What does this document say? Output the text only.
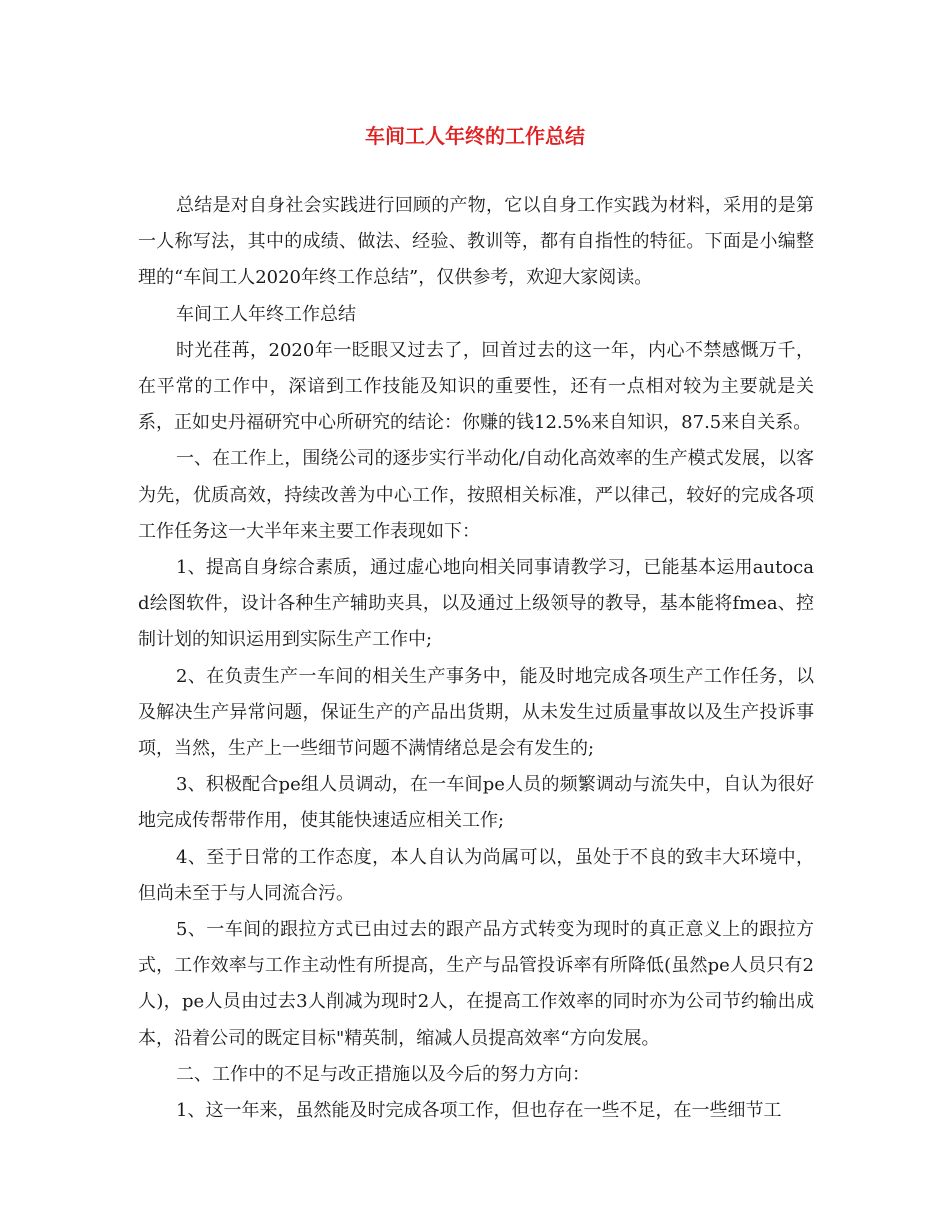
车间工人年终的工作总结

总结是对自身社会实践进行回顾的产物，它以自身工作实践为材料，采用的是第一人称写法，其中的成绩、做法、经验、教训等，都有自指性的特征。下面是小编整理的“车间工人2020年终工作总结”，仅供参考，欢迎大家阅读。

车间工人年终工作总结

时光荏苒，2020年一眨眼又过去了，回首过去的这一年，内心不禁感慨万千，在平常的工作中，深谙到工作技能及知识的重要性，还有一点相对较为主要就是关系，正如史丹福研究中心所研究的结论：你赚的钱12.5%来自知识，87.5来自关系。

一、在工作上，围绕公司的逐步实行半动化/自动化高效率的生产模式发展，以客为先，优质高效，持续改善为中心工作，按照相关标准，严以律己，较好的完成各项工作任务这一大半年来主要工作表现如下：

1、提高自身综合素质，通过虚心地向相关同事请教学习，已能基本运用autocad绘图软件，设计各种生产辅助夹具，以及通过上级领导的教导，基本能将fmea、控制计划的知识运用到实际生产工作中;

2、在负责生产一车间的相关生产事务中，能及时地完成各项生产工作任务，以及解决生产异常问题，保证生产的产品出货期，从未发生过质量事故以及生产投诉事项，当然，生产上一些细节问题不满情绪总是会有发生的;

3、积极配合pe组人员调动，在一车间pe人员的频繁调动与流失中，自认为很好地完成传帮带作用，使其能快速适应相关工作;

4、至于日常的工作态度，本人自认为尚属可以，虽处于不良的致丰大环境中，但尚未至于与人同流合污。

5、一车间的跟拉方式已由过去的跟产品方式转变为现时的真正意义上的跟拉方式，工作效率与工作主动性有所提高，生产与品管投诉率有所降低(虽然pe人员只有2人)，pe人员由过去3人削减为现时2人，在提高工作效率的同时亦为公司节约输出成本，沿着公司的既定目标"精英制，缩减人员提高效率“方向发展。

二、工作中的不足与改正措施以及今后的努力方向：

1、这一年来，虽然能及时完成各项工作，但也存在一些不足，在一些细节工
